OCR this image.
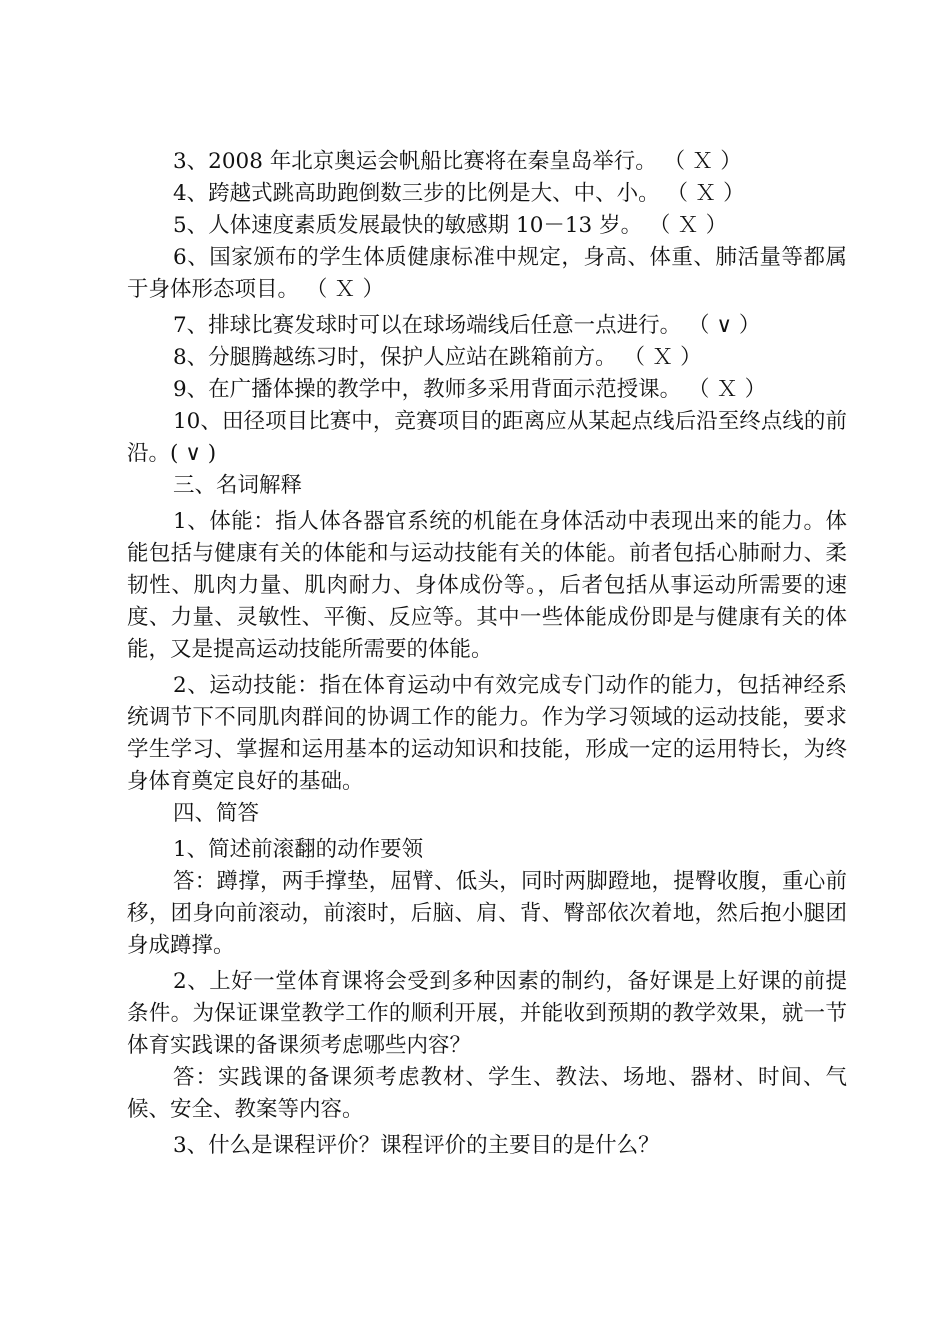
3、2008 年北京奥运会帆船比赛将在秦皇岛举行。 （ Ｘ ）

4、跨越式跳高助跑倒数三步的比例是大、中、小。 （ Ｘ ）

5、人体速度素质发展最快的敏感期 10－13 岁。 （ Ｘ ）

6、国家颁布的学生体质健康标准中规定，身高、体重、肺活量等都属于身体形态项目。 （ Ｘ ）

7、排球比赛发球时可以在球场端线后任意一点进行。 （ ∨ ）

8、分腿腾越练习时，保护人应站在跳箱前方。 （ Ｘ ）

9、在广播体操的教学中，教师多采用背面示范授课。 （ Ｘ ）

10、田径项目比赛中，竞赛项目的距离应从某起点线后沿至终点线的前沿。( ∨ )

三、名词解释

1、体能：指人体各器官系统的机能在身体活动中表现出来的能力。体能包括与健康有关的体能和与运动技能有关的体能。前者包括心肺耐力、柔韧性、肌肉力量、肌肉耐力、身体成份等。，后者包括从事运动所需要的速度、力量、灵敏性、平衡、反应等。其中一些体能成份即是与健康有关的体能，又是提高运动技能所需要的体能。

2、运动技能：指在体育运动中有效完成专门动作的能力，包括神经系统调节下不同肌肉群间的协调工作的能力。作为学习领域的运动技能，要求学生学习、掌握和运用基本的运动知识和技能，形成一定的运用特长，为终身体育奠定良好的基础。

四、简答

1、简述前滚翻的动作要领

答：蹲撑，两手撑垫，屈臂、低头，同时两脚蹬地，提臀收腹，重心前移，团身向前滚动，前滚时，后脑、肩、背、臀部依次着地，然后抱小腿团身成蹲撑。

2、上好一堂体育课将会受到多种因素的制约，备好课是上好课的前提条件。为保证课堂教学工作的顺利开展，并能收到预期的教学效果，就一节体育实践课的备课须考虑哪些内容？

答：实践课的备课须考虑教材、学生、教法、场地、器材、时间、气候、安全、教案等内容。

3、什么是课程评价？课程评价的主要目的是什么？
